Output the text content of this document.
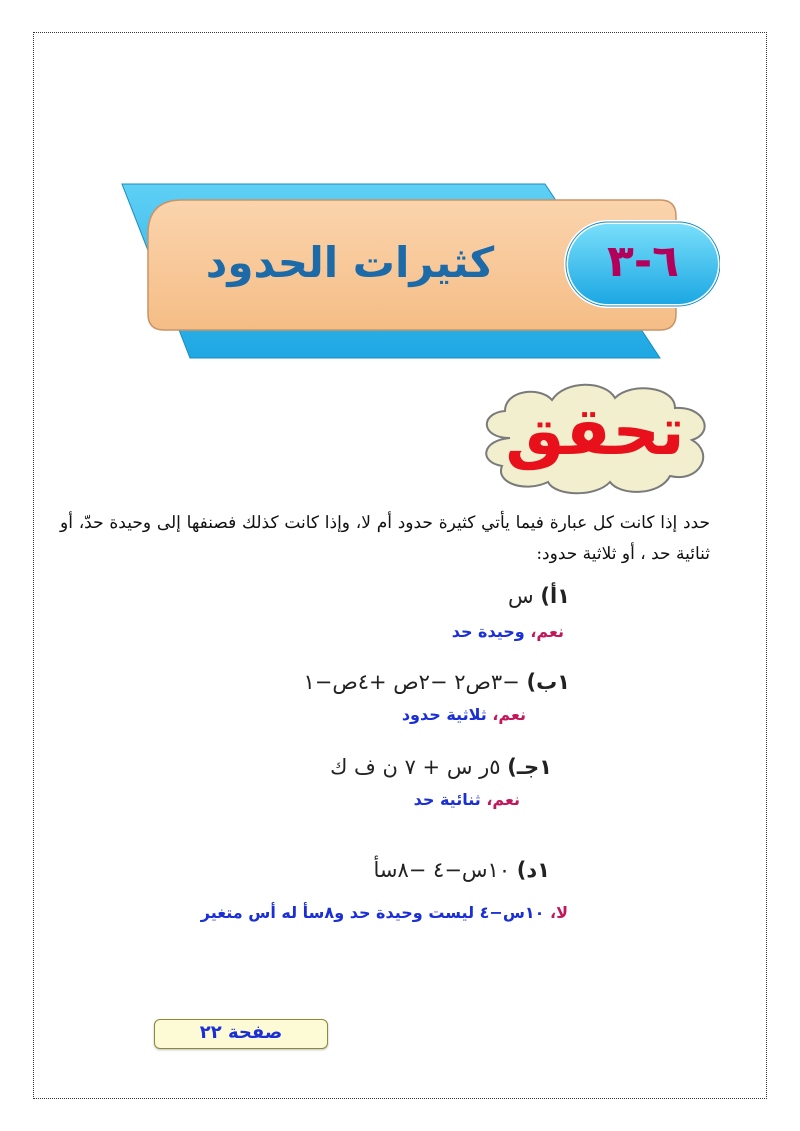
كثيرات الحدود	٦-٣
تحقق
حدد إذا كانت كل عبارة فيما يأتي كثيرة حدود أم لا، وإذا كانت كذلك فصنفها إلى وحيدة حدّ، أو ثنائية حد ، أو ثلاثية حدود:
١أ) س
نعم، وحيدة حد
١ب) −٣ص٢ −٢ص +٤ص−١
نعم، ثلاثية حدود
١جـ) ٥ر س + ٧ ن ف ك
نعم، ثنائية حد
١د) ١٠س−٤ −٨سأ
لا، ١٠س−٤ ليست وحيدة حد و٨سأ له أس متغير
صفحة ٢٢
